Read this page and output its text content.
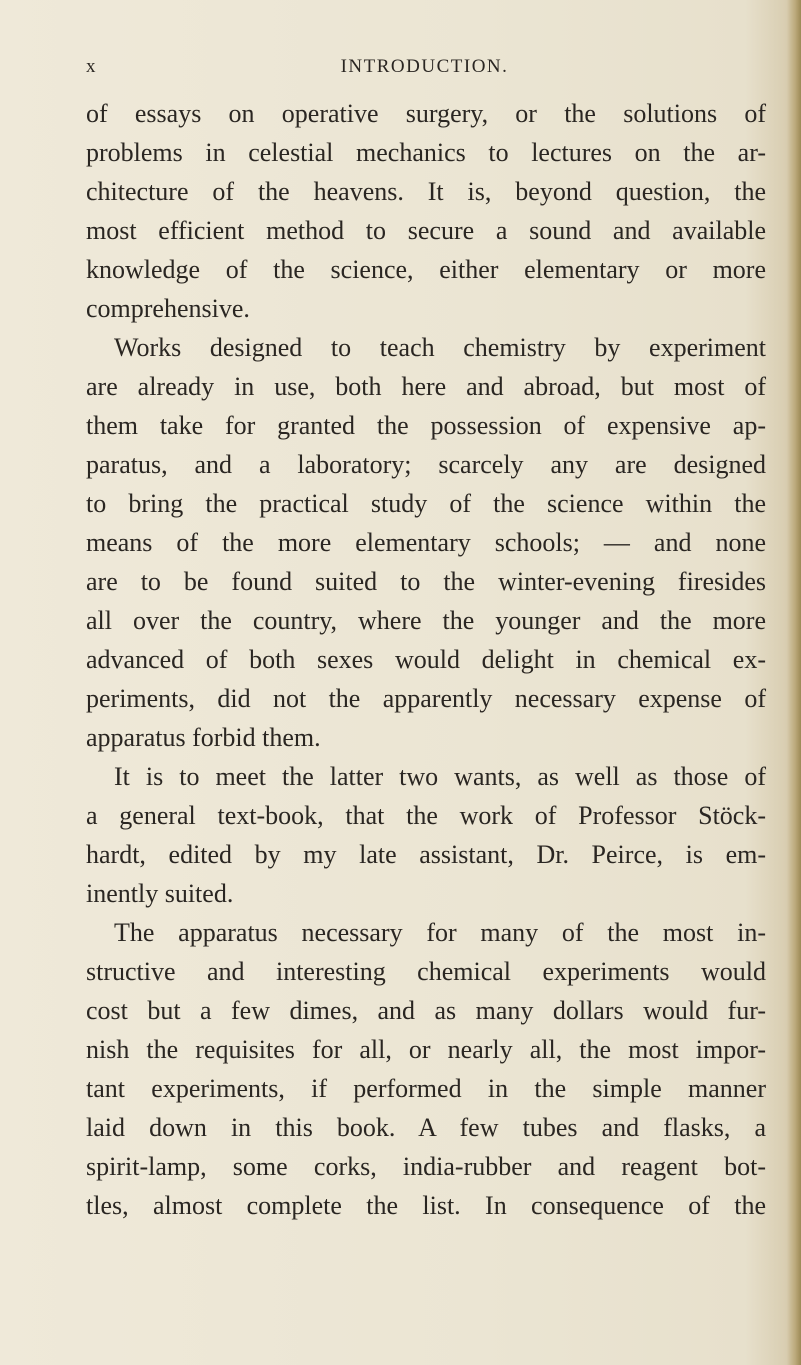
x	INTRODUCTION.
of essays on operative surgery, or the solutions of
problems in celestial mechanics to lectures on the ar-
chitecture of the heavens. It is, beyond question, the
most efficient method to secure a sound and available
knowledge of the science, either elementary or more
comprehensive.
Works designed to teach chemistry by experiment
are already in use, both here and abroad, but most of
them take for granted the possession of expensive ap-
paratus, and a laboratory; scarcely any are designed
to bring the practical study of the science within the
means of the more elementary schools; — and none
are to be found suited to the winter-evening firesides
all over the country, where the younger and the more
advanced of both sexes would delight in chemical ex-
periments, did not the apparently necessary expense of
apparatus forbid them.
It is to meet the latter two wants, as well as those of
a general text-book, that the work of Professor Stöck-
hardt, edited by my late assistant, Dr. Peirce, is em-
inently suited.
The apparatus necessary for many of the most in-
structive and interesting chemical experiments would
cost but a few dimes, and as many dollars would fur-
nish the requisites for all, or nearly all, the most impor-
tant experiments, if performed in the simple manner
laid down in this book. A few tubes and flasks, a
spirit-lamp, some corks, india-rubber and reagent bot-
tles, almost complete the list. In consequence of the
